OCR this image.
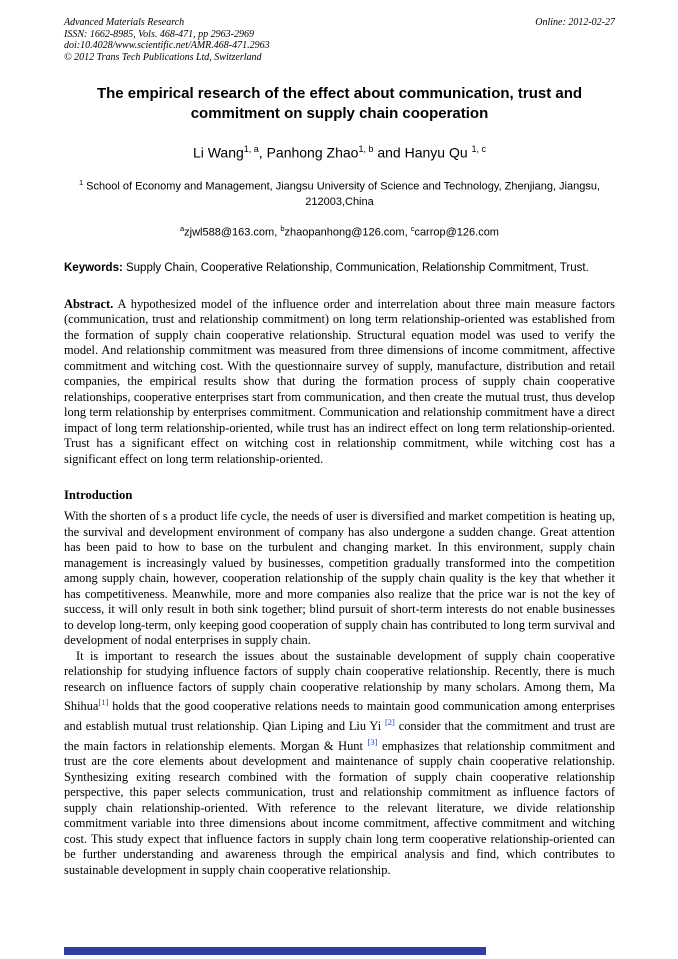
Advanced Materials Research
ISSN: 1662-8985, Vols. 468-471, pp 2963-2969
doi:10.4028/www.scientific.net/AMR.468-471.2963
© 2012 Trans Tech Publications Ltd, Switzerland
Online: 2012-02-27
The empirical research of the effect about communication, trust and commitment on supply chain cooperation
Li Wang$^{1, a}$, Panhong Zhao$^{1, b}$ and Hanyu Qu $^{1, c}$
$^1$ School of Economy and Management, Jiangsu University of Science and Technology, Zhenjiang, Jiangsu, 212003,China
$^a$zjwl588@163.com, $^b$zhaopanhong@126.com, $^c$carrop@126.com
Keywords: Supply Chain, Cooperative Relationship, Communication, Relationship Commitment, Trust.
Abstract. A hypothesized model of the influence order and interrelation about three main measure factors (communication, trust and relationship commitment) on long term relationship-oriented was established from the formation of supply chain cooperative relationship. Structural equation model was used to verify the model. And relationship commitment was measured from three dimensions of income commitment, affective commitment and witching cost. With the questionnaire survey of supply, manufacture, distribution and retail companies, the empirical results show that during the formation process of supply chain cooperative relationships, cooperative enterprises start from communication, and then create the mutual trust, thus develop long term relationship by enterprises commitment. Communication and relationship commitment have a direct impact of long term relationship-oriented, while trust has an indirect effect on long term relationship-oriented. Trust has a significant effect on witching cost in relationship commitment, while witching cost has a significant effect on long term relationship-oriented.
Introduction

With the shorten of s a product life cycle, the needs of user is diversified and market competition is heating up, the survival and development environment of company has also undergone a sudden change. Great attention has been paid to how to base on the turbulent and changing market. In this environment, supply chain management is increasingly valued by businesses, competition gradually transformed into the competition among supply chain, however, cooperation relationship of the supply chain quality is the key that whether it has competitiveness. Meanwhile, more and more companies also realize that the price war is not the key of success, it will only result in both sink together; blind pursuit of short-term interests do not enable businesses to develop long-term, only keeping good cooperation of supply chain has contributed to long term survival and development of nodal enterprises in supply chain.

It is important to research the issues about the sustainable development of supply chain cooperative relationship for studying influence factors of supply chain cooperative relationship. Recently, there is much research on influence factors of supply chain cooperative relationship by many scholars. Among them, Ma Shihua[1] holds that the good cooperative relations needs to maintain good communication among enterprises and establish mutual trust relationship. Qian Liping and Liu Yi [2] consider that the commitment and trust are the main factors in relationship elements. Morgan & Hunt [3] emphasizes that relationship commitment and trust are the core elements about development and maintenance of supply chain cooperative relationship. Synthesizing exiting research combined with the formation of supply chain cooperative relationship perspective, this paper selects communication, trust and relationship commitment as influence factors of supply chain relationship-oriented. With reference to the relevant literature, we divide relationship commitment variable into three dimensions about income commitment, affective commitment and witching cost. This study expect that influence factors in supply chain long term cooperative relationship-oriented can be further understanding and awareness through the empirical analysis and find, which contributes to sustainable development in supply chain cooperative relationship.
